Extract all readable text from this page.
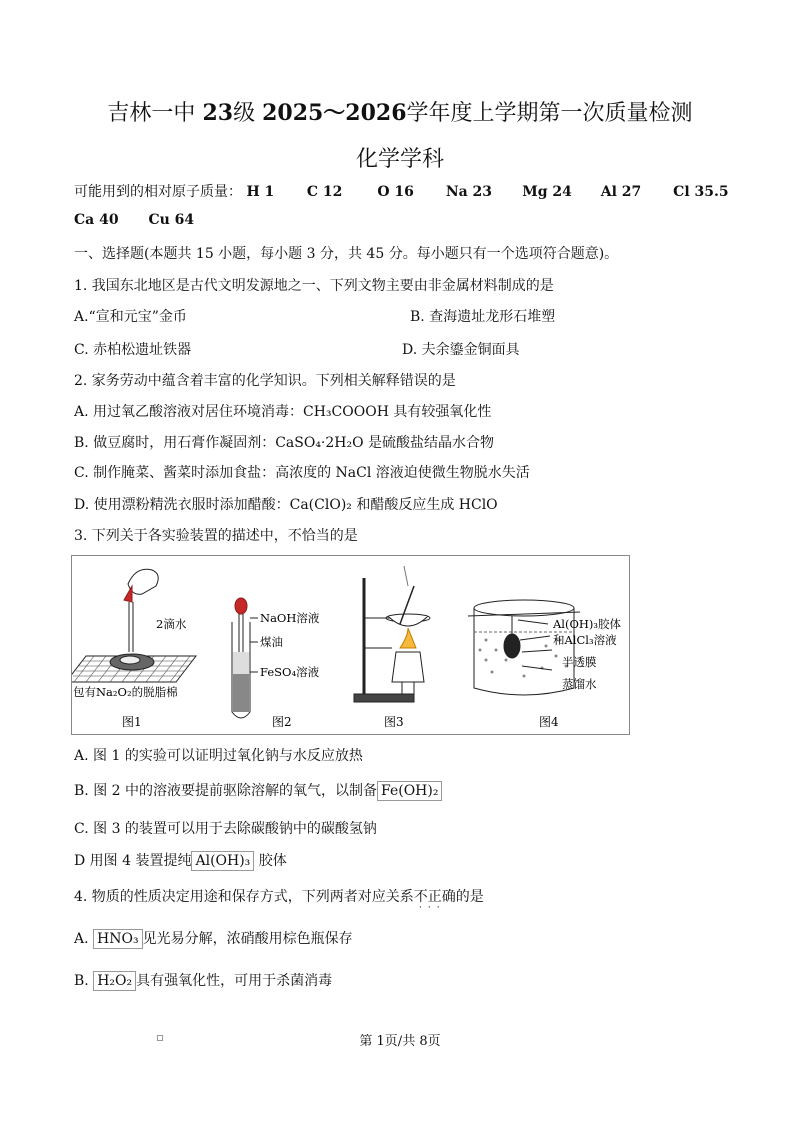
吉林一中 23级 2025～2026学年度上学期第一次质量检测
化学学科
可能用到的相对原子质量： H 1 C 12 O 16 Na 23 Mg 24 Al 27 Cl 35.5
Ca 40 Cu 64
一、选择题(本题共 15 小题，每小题 3 分，共 45 分。每小题只有一个选项符合题意)。
1. 我国东北地区是古代文明发源地之一、下列文物主要由非金属材料制成的是
A.“宣和元宝”金币	B. 查海遗址龙形石堆塑
C. 赤柏松遗址铁器	D. 夫余鎏金铜面具
2. 家务劳动中蕴含着丰富的化学知识。下列相关解释错误的是
A. 用过氧乙酸溶液对居住环境消毒：CH₃COOOH 具有较强氧化性
B. 做豆腐时，用石膏作凝固剂：CaSO₄·2H₂O 是硫酸盐结晶水合物
C. 制作腌菜、酱菜时添加食盐：高浓度的 NaCl 溶液迫使微生物脱水失活
D. 使用漂粉精洗衣服时添加醋酸：Ca(ClO)₂ 和醋酸反应生成 HClO
3. 下列关于各实验装置的描述中，不恰当的是
2滴水
包有Na₂O₂的脱脂棉
图1
NaOH溶液
煤油
FeSO₄溶液
图2	图3
Al(OH)₃胶体
和AlCl₃溶液
半透膜
蒸馏水
图4
A. 图 1 的实验可以证明过氧化钠与水反应放热
B. 图 2 中的溶液要提前驱除溶解的氧气，以制备 Fe(OH)₂
C. 图 3 的装置可以用于去除碳酸钠中的碳酸氢钠
D 用图 4 装置提纯 Al(OH)₃ 胶体
4. 物质的性质决定用途和保存方式，下列两者对应关系不正确的是
···
A. HNO₃ 见光易分解，浓硝酸用棕色瓶保存
B. H₂O₂ 具有强氧化性，可用于杀菌消毒
第 1页/共 8页
